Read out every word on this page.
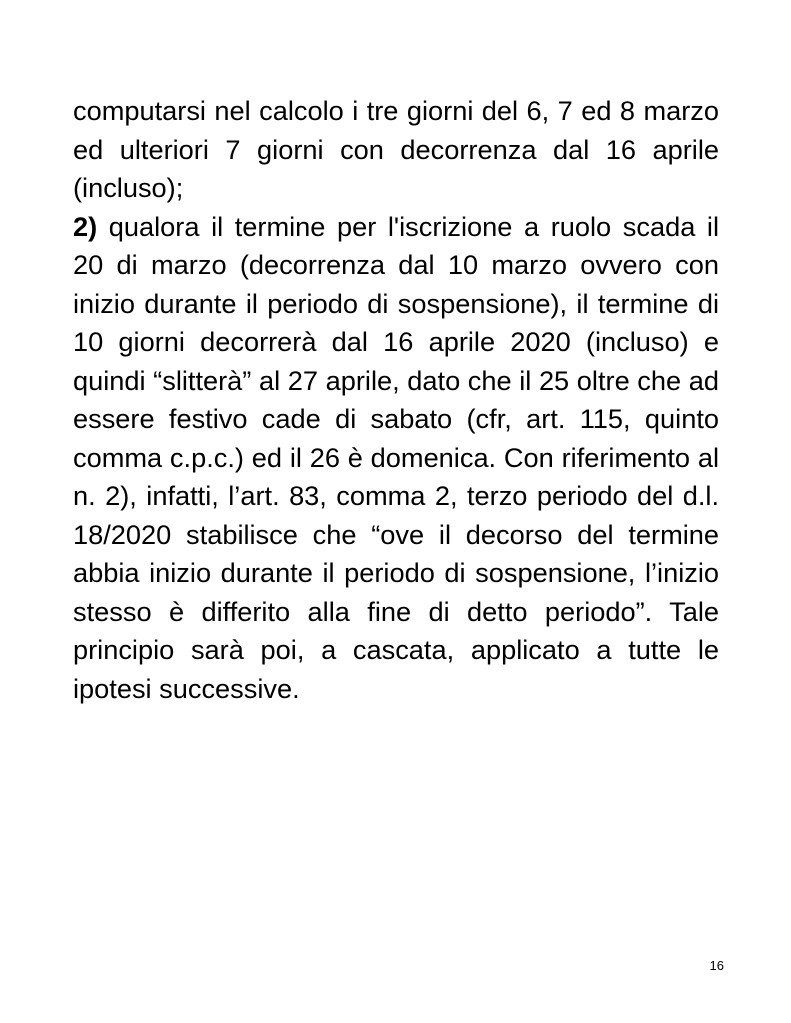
computarsi nel calcolo i tre giorni del 6, 7 ed 8 marzo ed ulteriori 7 giorni con decorrenza dal 16 aprile (incluso);

2) qualora il termine per l'iscrizione a ruolo scada il 20 di marzo (decorrenza dal 10 marzo ovvero con inizio durante il periodo di sospensione), il termine di 10 giorni decorrerà dal 16 aprile 2020 (incluso) e quindi “slitterà” al 27 aprile, dato che il 25 oltre che ad essere festivo cade di sabato (cfr, art. 115, quinto comma c.p.c.) ed il 26 è domenica. Con riferimento al n. 2), infatti, l’art. 83, comma 2, terzo periodo del d.l. 18/2020 stabilisce che “ove il decorso del termine abbia inizio durante il periodo di sospensione, l’inizio stesso è differito alla fine di detto periodo”. Tale principio sarà poi, a cascata, applicato a tutte le ipotesi successive.

16
